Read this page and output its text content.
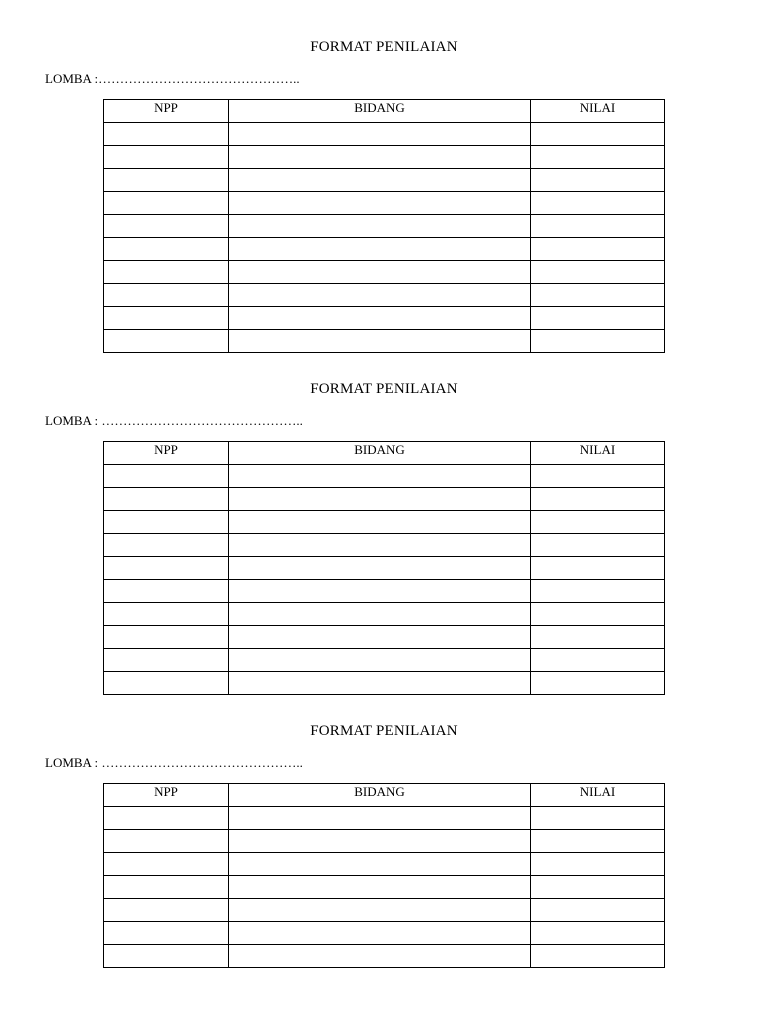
FORMAT PENILAIAN
LOMBA :………………………………………..
NPP	BIDANG	NILAI

FORMAT PENILAIAN
LOMBA : ………………………………………..
NPP	BIDANG	NILAI

FORMAT PENILAIAN
LOMBA : ………………………………………..
NPP	BIDANG	NILAI
